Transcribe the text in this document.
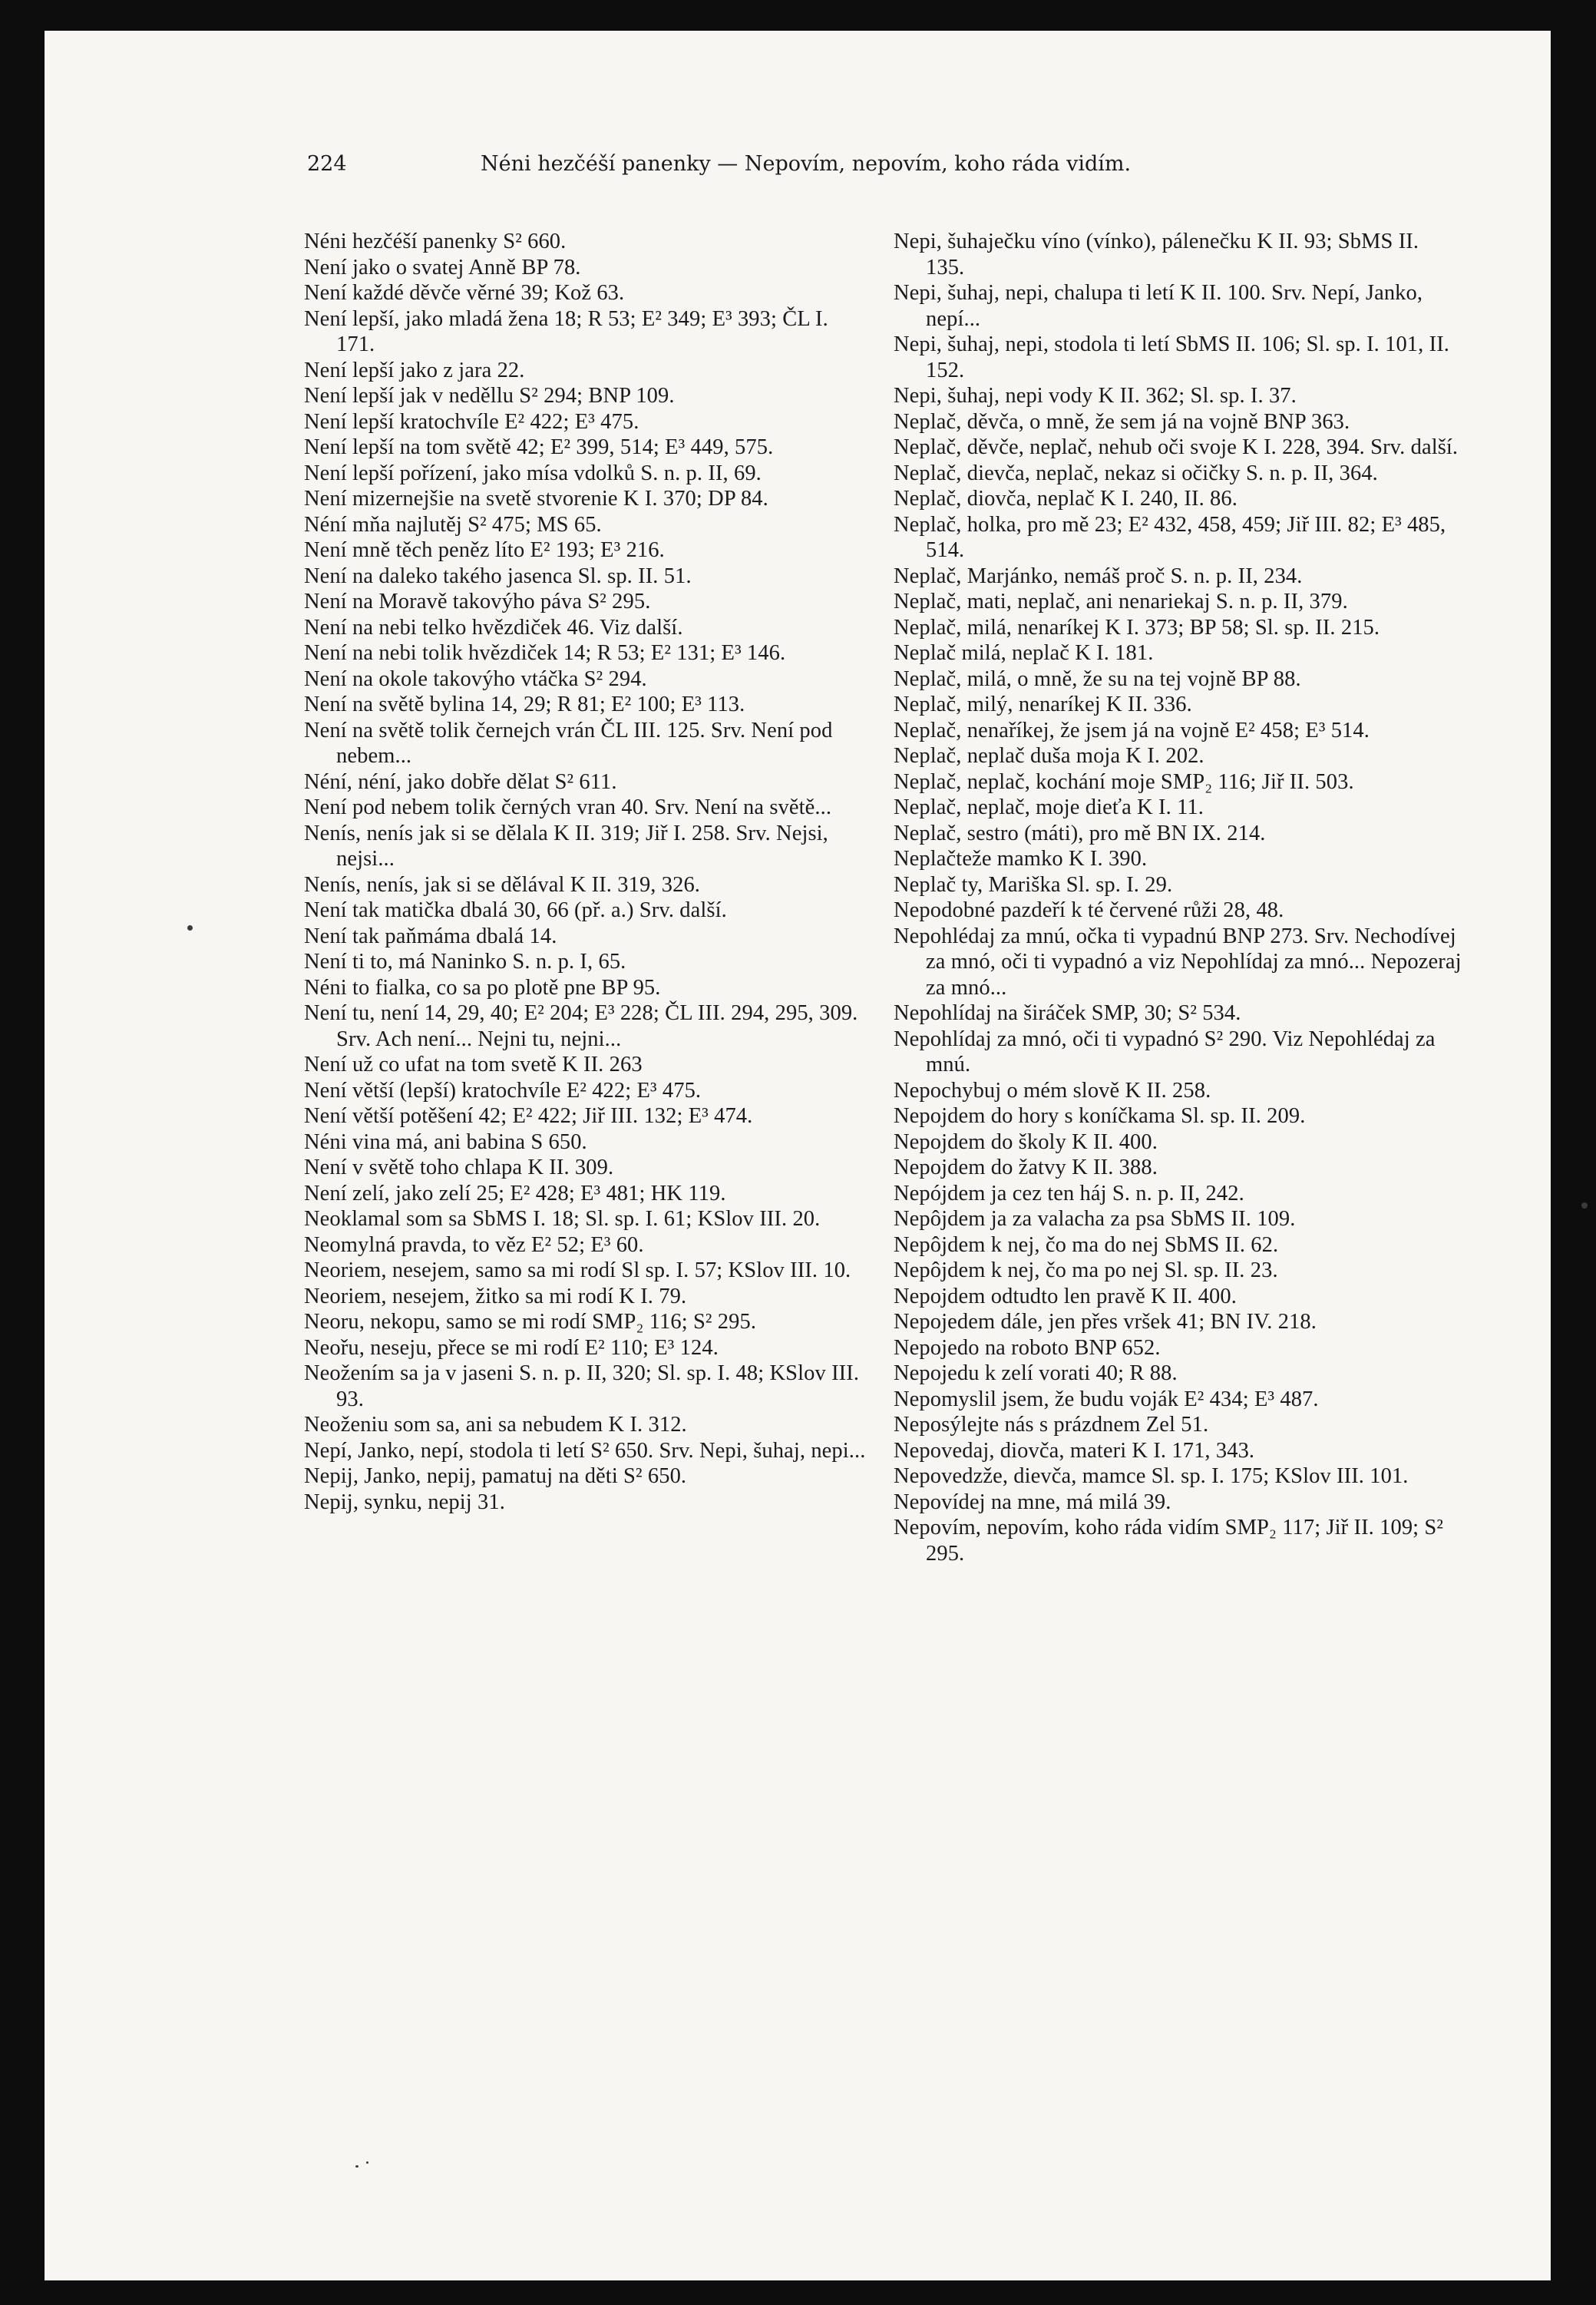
224	Néni hezčéší panenky — Nepovím, nepovím, koho ráda vidím.

Néni hezčéší panenky S² 660.

Není jako o svatej Anně BP 78.

Není každé děvče věrné 39; Kož 63.

Není lepší, jako mladá žena 18; R 53; E² 349; E³ 393; ČL I. 171.

Není lepší jako z jara 22.

Není lepší jak v neděllu S² 294; BNP 109.

Není lepší kratochvíle E² 422; E³ 475.

Není lepší na tom světě 42; E² 399, 514; E³ 449, 575.

Není lepší pořízení, jako mísa vdolků S. n. p. II, 69.

Není mizernejšie na svetě stvorenie K I. 370; DP 84.

Néní mňa najlutěj S² 475; MS 65.

Není mně těch peněz líto E² 193; E³ 216.

Není na daleko takého jasenca Sl. sp. II. 51.

Není na Moravě takovýho páva S² 295.

Není na nebi telko hvězdiček 46. Viz další.

Není na nebi tolik hvězdiček 14; R 53; E² 131; E³ 146.

Není na okole takovýho vtáčka S² 294.

Není na světě bylina 14, 29; R 81; E² 100; E³ 113.

Není na světě tolik černejch vrán ČL III. 125. Srv. Není pod nebem...

Néní, néní, jako dobře dělat S² 611.

Není pod nebem tolik černých vran 40. Srv. Není na světě...

Nenís, nenís jak si se dělala K II. 319; Jiř I. 258. Srv. Nejsi, nejsi...

Nenís, nenís, jak si se dělával K II. 319, 326.

Není tak matička dbalá 30, 66 (př. a.) Srv. další.

Není tak paňmáma dbalá 14.

Není ti to, má Naninko S. n. p. I, 65.

Néni to fialka, co sa po plotě pne BP 95.

Není tu, není 14, 29, 40; E² 204; E³ 228; ČL III. 294, 295, 309. Srv. Ach není... Nejni tu, nejni...

Není už co ufat na tom svetě K II. 263

Není větší (lepší) kratochvíle E² 422; E³ 475.

Není větší potěšení 42; E² 422; Jiř III. 132; E³ 474.

Néni vina má, ani babina S 650.

Není v světě toho chlapa K II. 309.

Není zelí, jako zelí 25; E² 428; E³ 481; HK 119.

Neoklamal som sa SbMS I. 18; Sl. sp. I. 61; KSlov III. 20.

Neomylná pravda, to věz E² 52; E³ 60.

Neoriem, nesejem, samo sa mi rodí Sl sp. I. 57; KSlov III. 10.

Neoriem, nesejem, žitko sa mi rodí K I. 79.

Neoru, nekopu, samo se mi rodí SMP₂ 116; S² 295.

Neořu, neseju, přece se mi rodí E² 110; E³ 124.

Neožením sa ja v jaseni S. n. p. II, 320; Sl. sp. I. 48; KSlov III. 93.

Neoženiu som sa, ani sa nebudem K I. 312.

Nepí, Janko, nepí, stodola ti letí S² 650. Srv. Nepi, šuhaj, nepi...

Nepij, Janko, nepij, pamatuj na děti S² 650.

Nepij, synku, nepij 31.

Nepi, šuhaječku víno (vínko), pálenečku K II. 93; SbMS II. 135.

Nepi, šuhaj, nepi, chalupa ti letí K II. 100. Srv. Nepí, Janko, nepí...

Nepi, šuhaj, nepi, stodola ti letí SbMS II. 106; Sl. sp. I. 101, II. 152.

Nepi, šuhaj, nepi vody K II. 362; Sl. sp. I. 37.

Neplač, děvča, o mně, že sem já na vojně BNP 363.

Neplač, děvče, neplač, nehub oči svoje K I. 228, 394. Srv. další.

Neplač, dievča, neplač, nekaz si očičky S. n. p. II, 364.

Neplač, diovča, neplač K I. 240, II. 86.

Neplač, holka, pro mě 23; E² 432, 458, 459; Jiř III. 82; E³ 485, 514.

Neplač, Marjánko, nemáš proč S. n. p. II, 234.

Neplač, mati, neplač, ani nenariekaj S. n. p. II, 379.

Neplač, milá, nenaríkej K I. 373; BP 58; Sl. sp. II. 215.

Neplač milá, neplač K I. 181.

Neplač, milá, o mně, že su na tej vojně BP 88.

Neplač, milý, nenaríkej K II. 336.

Neplač, nenaříkej, že jsem já na vojně E² 458; E³ 514.

Neplač, neplač duša moja K I. 202.

Neplač, neplač, kochání moje SMP₂ 116; Jiř II. 503.

Neplač, neplač, moje dieťa K I. 11.

Neplač, sestro (máti), pro mě BN IX. 214.

Neplačteže mamko K I. 390.

Neplač ty, Mariška Sl. sp. I. 29.

Nepodobné pazdeří k té červené růži 28, 48.

Nepohlédaj za mnú, očka ti vypadnú BNP 273. Srv. Nechodívej za mnó, oči ti vypadnó a viz Nepohlídaj za mnó... Nepozeraj za mnó...

Nepohlídaj na širáček SMP, 30; S² 534.

Nepohlídaj za mnó, oči ti vypadnó S² 290. Viz Nepohlédaj za mnú.

Nepochybuj o mém slově K II. 258.

Nepojdem do hory s koníčkama Sl. sp. II. 209.

Nepojdem do školy K II. 400.

Nepojdem do žatvy K II. 388.

Nepójdem ja cez ten háj S. n. p. II, 242.

Nepôjdem ja za valacha za psa SbMS II. 109.

Nepôjdem k nej, čo ma do nej SbMS II. 62.

Nepôjdem k nej, čo ma po nej Sl. sp. II. 23.

Nepojdem odtudto len pravě K II. 400.

Nepojedem dále, jen přes vršek 41; BN IV. 218.

Nepojedo na roboto BNP 652.

Nepojedu k zelí vorati 40; R 88.

Nepomyslil jsem, že budu voják E² 434; E³ 487.

Neposýlejte nás s prázdnem Zel 51.

Nepovedaj, diovča, materi K I. 171, 343.

Nepovedzže, dievča, mamce Sl. sp. I. 175; KSlov III. 101.

Nepovídej na mne, má milá 39.

Nepovím, nepovím, koho ráda vidím SMP₂ 117; Jiř II. 109; S² 295.
